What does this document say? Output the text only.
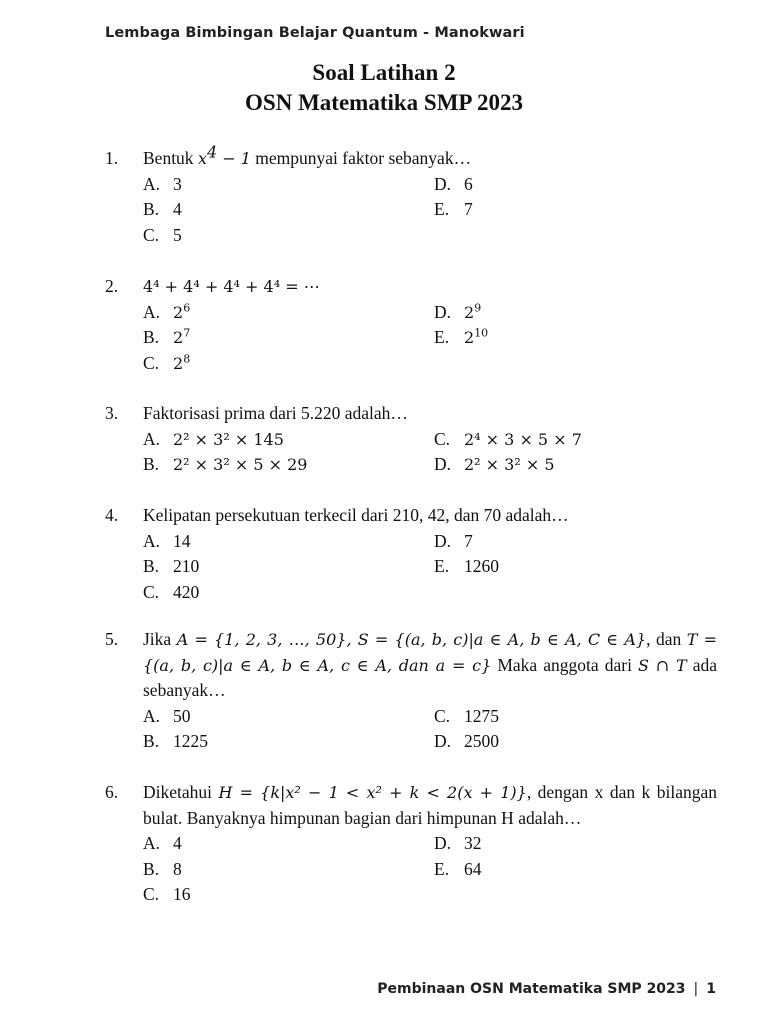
Lembaga Bimbingan Belajar Quantum - Manokwari
Soal Latihan 2
OSN Matematika SMP 2023
1. Bentuk $x^4 - 1$ mempunyai faktor sebanyak…
A. 3	D. 6
B. 4	E. 7
C. 5
2. 4⁴ + 4⁴ + 4⁴ + 4⁴ = ⋯
A. $2^6$	D. $2^9$
B. $2^7$	E. $2^{10}$
C. $2^8$
3. Faktorisasi prima dari 5.220 adalah…
A. 2² × 3² × 145	C. 2⁴ × 3 × 5 × 7
B. 2² × 3² × 5 × 29	D. 2² × 3² × 5
4. Kelipatan persekutuan terkecil dari 210, 42, dan 70 adalah…
A. 14	D. 7
B. 210	E. 1260
C. 420
5. Jika A = {1, 2, 3, …, 50}, S = {(a, b, c)|a ∈ A, b ∈ A, C ∈ A}, dan T = {(a, b, c)|a ∈ A, b ∈ A, c ∈ A, dan a = c} Maka anggota dari S ∩ T ada sebanyak…
A. 50	C. 1275
B. 1225	D. 2500
6. Diketahui H = {k|x² − 1 < x² + k < 2(x + 1)}, dengan x dan k bilangan bulat. Banyaknya himpunan bagian dari himpunan H adalah…
A. 4	D. 32
B. 8	E. 64
C. 16
Pembinaan OSN Matematika SMP 2023 | 1
